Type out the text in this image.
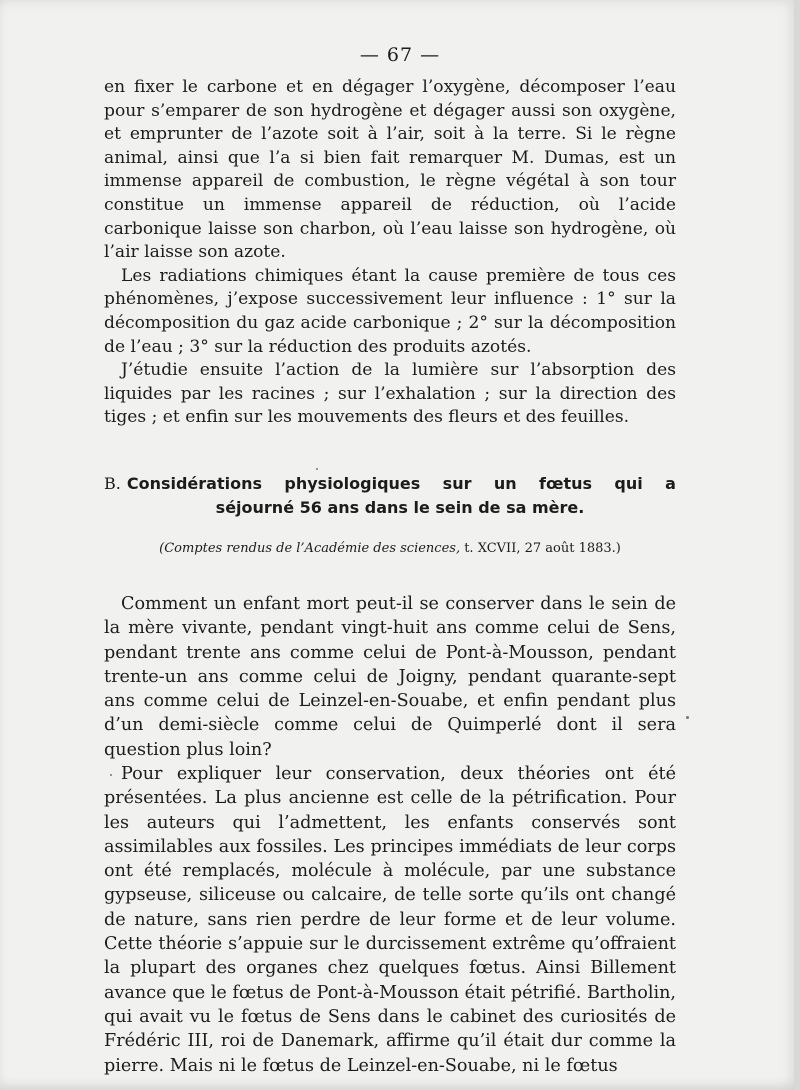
— 67 —

en fixer le carbone et en dégager l’oxygène, décomposer l’eau pour s’emparer de son hydrogène et dégager aussi son oxygène, et emprunter de l’azote soit à l’air, soit à la terre. Si le règne animal, ainsi que l’a si bien fait remarquer M. Dumas, est un immense appareil de combustion, le règne végétal à son tour constitue un immense appareil de réduction, où l’acide carbonique laisse son charbon, où l’eau laisse son hydrogène, où l’air laisse son azote.

Les radiations chimiques étant la cause première de tous ces phénomènes, j’expose successivement leur influence : 1° sur la décomposition du gaz acide carbonique ; 2° sur la décomposition de l’eau ; 3° sur la réduction des produits azotés.

J’étudie ensuite l’action de la lumière sur l’absorption des liquides par les racines ; sur l’exhalation ; sur la direction des tiges ; et enfin sur les mouvements des fleurs et des feuilles.

B. Considérations physiologiques sur un fœtus qui a
séjourné 56 ans dans le sein de sa mère.
(Comptes rendus de l’Académie des sciences, t. XCVII, 27 août 1883.)

Comment un enfant mort peut-il se conserver dans le sein de la mère vivante, pendant vingt-huit ans comme celui de Sens, pendant trente ans comme celui de Pont-à-Mousson, pendant trente-un ans comme celui de Joigny, pendant quarante-sept ans comme celui de Leinzel-en-Souabe, et enfin pendant plus d’un demi-siècle comme celui de Quimperlé dont il sera question plus loin?

Pour expliquer leur conservation, deux théories ont été présentées. La plus ancienne est celle de la pétrification. Pour les auteurs qui l’admettent, les enfants conservés sont assimilables aux fossiles. Les principes immédiats de leur corps ont été remplacés, molécule à molécule, par une substance gypseuse, siliceuse ou calcaire, de telle sorte qu’ils ont changé de nature, sans rien perdre de leur forme et de leur volume. Cette théorie s’appuie sur le durcissement extrême qu’offraient la plupart des organes chez quelques fœtus. Ainsi Billement avance que le fœtus de Pont-à-Mousson était pétrifié. Bartholin, qui avait vu le fœtus de Sens dans le cabinet des curiosités de Frédéric III, roi de Danemark, affirme qu’il était dur comme la pierre. Mais ni le fœtus de Leinzel-en-Souabe, ni le fœtus
